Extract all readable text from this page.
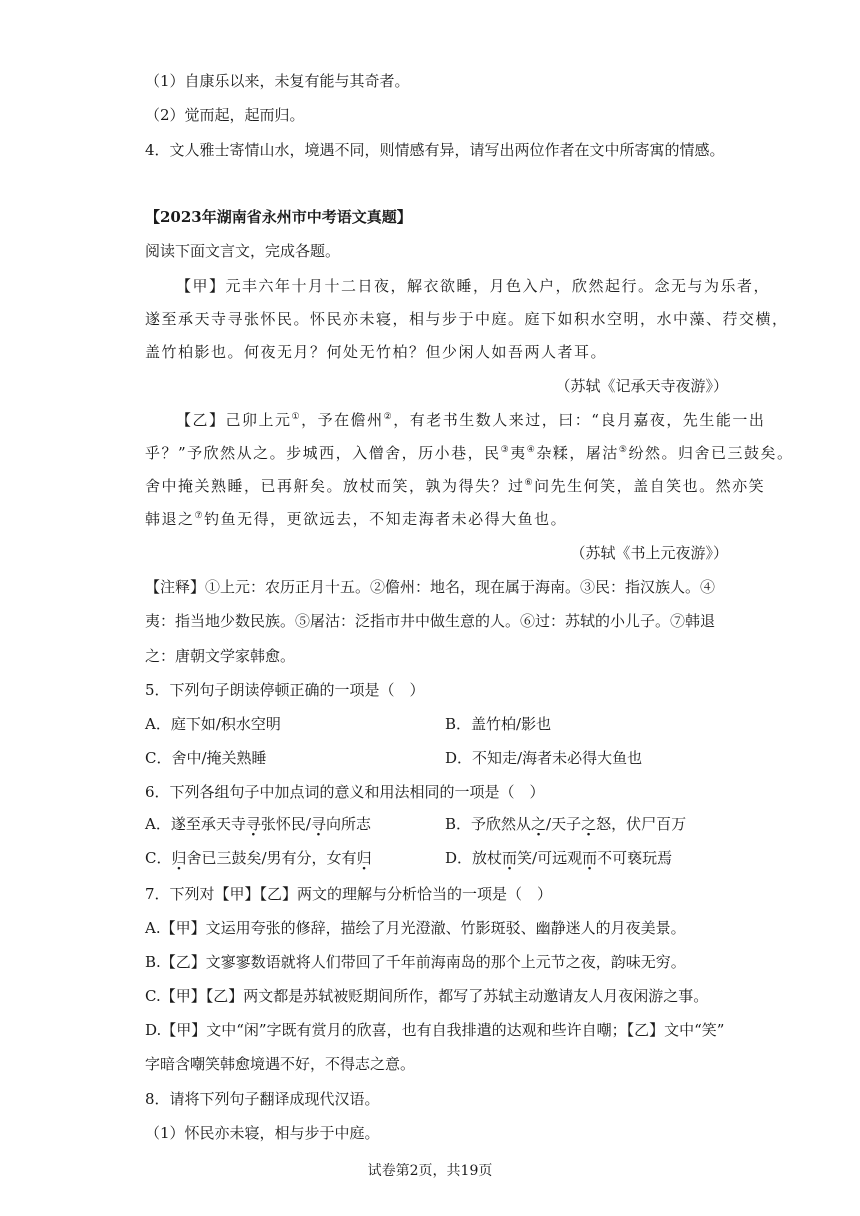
（1）自康乐以来，未复有能与其奇者。
（2）觉而起，起而归。
4．文人雅士寄情山水，境遇不同，则情感有异，请写出两位作者在文中所寄寓的情感。
【2023年湖南省永州市中考语文真题】
阅读下面文言文，完成各题。
【甲】元丰六年十月十二日夜，解衣欲睡，月色入户，欣然起行。念无与为乐者，
遂至承天寺寻张怀民。怀民亦未寝，相与步于中庭。庭下如积水空明，水中藻、荇交横，
盖竹柏影也。何夜无月？何处无竹柏？但少闲人如吾两人者耳。
（苏轼《记承天寺夜游》）
【乙】己卯上元①，予在儋州②，有老书生数人来过，曰：“良月嘉夜，先生能一出
乎？”予欣然从之。步城西，入僧舍，历小巷，民③夷④杂糅，屠沽⑤纷然。归舍已三鼓矣。
舍中掩关熟睡，已再鼾矣。放杖而笑，孰为得失？过⑥问先生何笑，盖自笑也。然亦笑
韩退之⑦钓鱼无得，更欲远去，不知走海者未必得大鱼也。
（苏轼《书上元夜游》）
【注释】①上元：农历正月十五。②儋州：地名，现在属于海南。③民：指汉族人。④
夷：指当地少数民族。⑤屠沽：泛指市井中做生意的人。⑥过：苏轼的小儿子。⑦韩退
之：唐朝文学家韩愈。
5．下列句子朗读停顿正确的一项是（　）
A．庭下如/积水空明	B．盖竹柏/影也
C．舍中/掩关熟睡	D．不知走/海者未必得大鱼也
6．下列各组句子中加点词的意义和用法相同的一项是（　）
A．遂至承天寺寻张怀民/寻向所志	B．予欣然从之/天子之怒，伏尸百万
C．归舍已三鼓矣/男有分，女有归	D．放杖而笑/可远观而不可亵玩焉
7．下列对【甲】【乙】两文的理解与分析恰当的一项是（　）
A.【甲】文运用夸张的修辞，描绘了月光澄澈、竹影斑驳、幽静迷人的月夜美景。
B.【乙】文寥寥数语就将人们带回了千年前海南岛的那个上元节之夜，韵味无穷。
C.【甲】【乙】两文都是苏轼被贬期间所作，都写了苏轼主动邀请友人月夜闲游之事。
D.【甲】文中“闲”字既有赏月的欣喜，也有自我排遣的达观和些许自嘲；【乙】文中“笑”
字暗含嘲笑韩愈境遇不好，不得志之意。
8．请将下列句子翻译成现代汉语。
（1）怀民亦未寝，相与步于中庭。
试卷第2页，共19页
